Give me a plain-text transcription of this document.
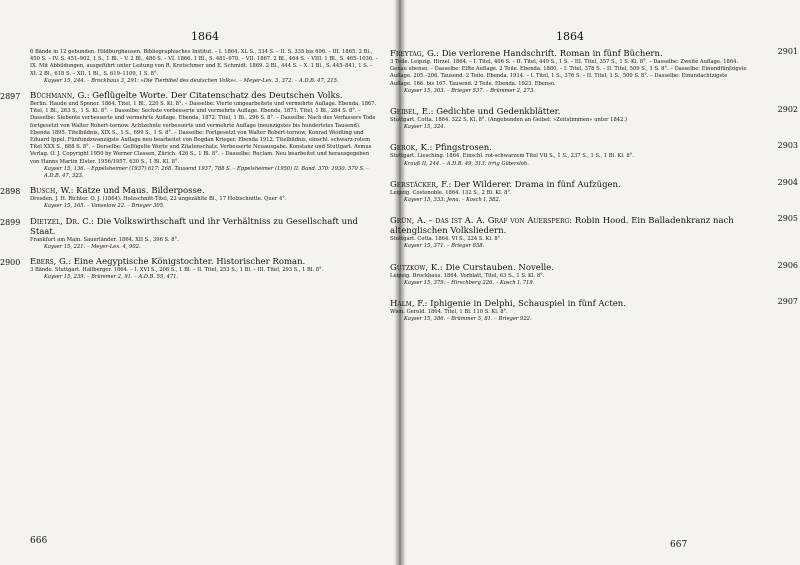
1864
6 Bände in 12 gebunden. Hildburghausen. Bibliographisches Institut. – I. 1864. XL S., 334 S. – II. S. 335 bis 696. – III. 1865. 2 Bl., 450 S. – IV. S. 451–902, 1 S., 1 Bl. – V. 2 Bl., 480 S. – VI. 1866. 1 Bl., S. 481–970. – VII. 1867. 2 Bl., 464 S. – VIII. 1 Bl., S. 465–1036. – IX. Mit Abbildungen, ausgeführt unter Leitung von R. Kretschmer und E. Schmidt. 1869. 2 Bl., 444 S. – X. 1 Bl., S. 445–841, 1 S. – XI. 2 Bl., 618 S. – XII. 1 Bl., S. 619–1109, 1 S. 8°.
Kayser 15, 244. – Brockhaus 3, 291: »Die Tierbibel des deutschen Volks«. – Meyer-Lex. 3, 372. – A.D.B. 47, 215.
2897 Büchmann, G.: Geflügelte Worte. Der Citatenschatz des Deutschen Volks.
Berlin. Haude und Spener. 1864. Titel, 1 Bl., 220 S. Kl. 8°. – Dasselbe: Vierte umgearbeitete und vermehrte Auflage. Ebenda, 1867. Titel, 1 Bl., 263 S., 1 S. Kl. 8°. – Dasselbe: Sechste verbesserte und vermehrte Auflage. Ebenda, 1871. Titel, 1 Bl., 284 S. 8°. – Dasselbe: Siebente verbesserte und vermehrte Auflage. Ebenda, 1872. Titel, 1 Bl., 296 S. 8°. – Dasselbe: Nach des Verfassers Tode fortgesetzt von Walter Robert-tornow. Achtzehnte verbesserte und vermehrte Auflage (neunzigstes bis hundertstes Tausend). Ebenda 1895. Titelbildnis, XIX S., 1 S., 699 S., 1 S. 8°. – Dasselbe: Fortgesetzt von Walter Robert-tornow, Konrad Weidling und Eduard Ippel. Fünfundzwanzigste Auflage neu bearbeitet von Bogdan Krieger. Ebenda 1912. Titelbildnis, einschl. schwarz-rotem Titel XXX S., 688 S. 8°. – Derselbe: Geflügelte Worte und Zitatenschatz. Verbesserte Neuausgabe. Konstanz und Stuttgart. Asmus Verlag. O. J. Copyright 1950 by Werner Classen, Zürich. 426 S., 1 Bl. 8°. – Dasselbe: Reclam. Neu bearbeitet und herausgegeben von Hanns Martin Elster. 1956/1957. 630 S., 1 Bl. Kl. 8°.
Kayser 15, 136. – Eppelsheimer (1937) 617: 268. Tausend 1937, 788 S. – Eppelsheimer (1950) II. Band. 370: 1930. 570 S. – A.D.B. 47, 323.
2898 Busch, W.: Katze und Maus. Bilderposse.
Dresden. J. H. Richter. O. J. (1864). Holzschnitt-Titel, 22 ungezählte Bl., 17 Holzschnitte. Quer 4°.
Kayser 15, 165. – Vanselow 22. – Brieger 305.
2899 Dietzel, Dr. C.: Die Volkswirthschaft und ihr Verhältniss zu Gesellschaft und Staat.
Frankfurt am Main. Sauerländer. 1864. XII S., 396 S. 8°.
Kayser 15, 221. – Meyer-Lex. 4, 902.
2900 Ebers, G.: Eine Aegyptische Königstochter. Historischer Roman.
3 Bände. Stuttgart. Hallberger. 1864. – I. XVI S., 206 S., 1 Bl. – II. Titel, 253 S., 1 Bl. – III. Titel, 293 S., 1 Bl. 8°.
Kayser 15, 239. – Brümmer 2, 91. – A.D.B. 55, 471.
666
1864
2901
Freytag, G.: Die verlorene Handschrift. Roman in fünf Büchern.
3 Teile. Leipzig. Hirzel. 1864. – I. Titel, 406 S. – II. Titel, 449 S., 1 S. – III. Titel, 357 S., 1 S. Kl. 8°. – Dasselbe: Zweite Auflage. 1864. Genau ebenso. – Dasselbe: Elfte Auflage. 2 Teile. Ebenda. 1880. – I. Titel, 378 S. – II. Titel, 509 S., 1 S. 8°. – Dasselbe: Einundfünfzigste Auflage. 205.–206. Tausend. 2 Teile. Ebenda. 1914. – I. Titel, 1 S., 376 S. – II. Titel, 1 S., 500 S. 8°. – Dasselbe: Einundachtzigste Auflage. 166. bis 167. Tausend. 2 Teile. Ebenda. 1923. Ebenso.
Kayser 15, 303. – Brieger 537. – Brümmer 2, 273.
2902
Geibel, E.: Gedichte und Gedenkblätter.
Stuttgart. Cotta. 1864. 322 S. Kl. 8°. (Angebunden an Geibel: »Zeitstimmen« unter 1842.)
Kayser 15, 324.
2903
Gerok, K.: Pfingstrosen.
Stuttgart. Liesching. 1864. Einschl. rot-schwarzem Titel VII S., 1 S., 237 S., 1 S., 1 Bl. Kl. 8°.
Krauß II, 244. – A.D.B. 49, 313: irrig Gütersloh.
2904
Gerstäcker, F.: Der Wilderer. Drama in fünf Aufzügen.
Leipzig. Costenoble. 1864. 132 S., 2 Bl. Kl. 8°.
Kayser 15, 333: Jena. – Kosch I, 582.
2905
Grün, A. – das ist A. A. Graf von Auersperg: Robin Hood. Ein Balladenkranz nach altenglischen Volksliedern.
Stuttgart. Cotta. 1864. VI S., 224 S. Kl. 8°.
Kayser 15, 371. – Brieger 858.
2906
Gutzkow, K.: Die Curstauben. Novelle.
Leipzig. Brockhaus. 1864. Vorblatt, Titel, 63 S., 1 S. Kl. 8°.
Kayser 15, 379. – Hirschberg 226. – Kosch I, 719.
2907
Halm, F.: Iphigenie in Delphi, Schauspiel in fünf Acten.
Wien. Gerold. 1864. Titel, 1 Bl. 110 S. Kl. 8°.
Kayser 15, 386. – Brümmer 5, 81. – Brieger 922.
667
